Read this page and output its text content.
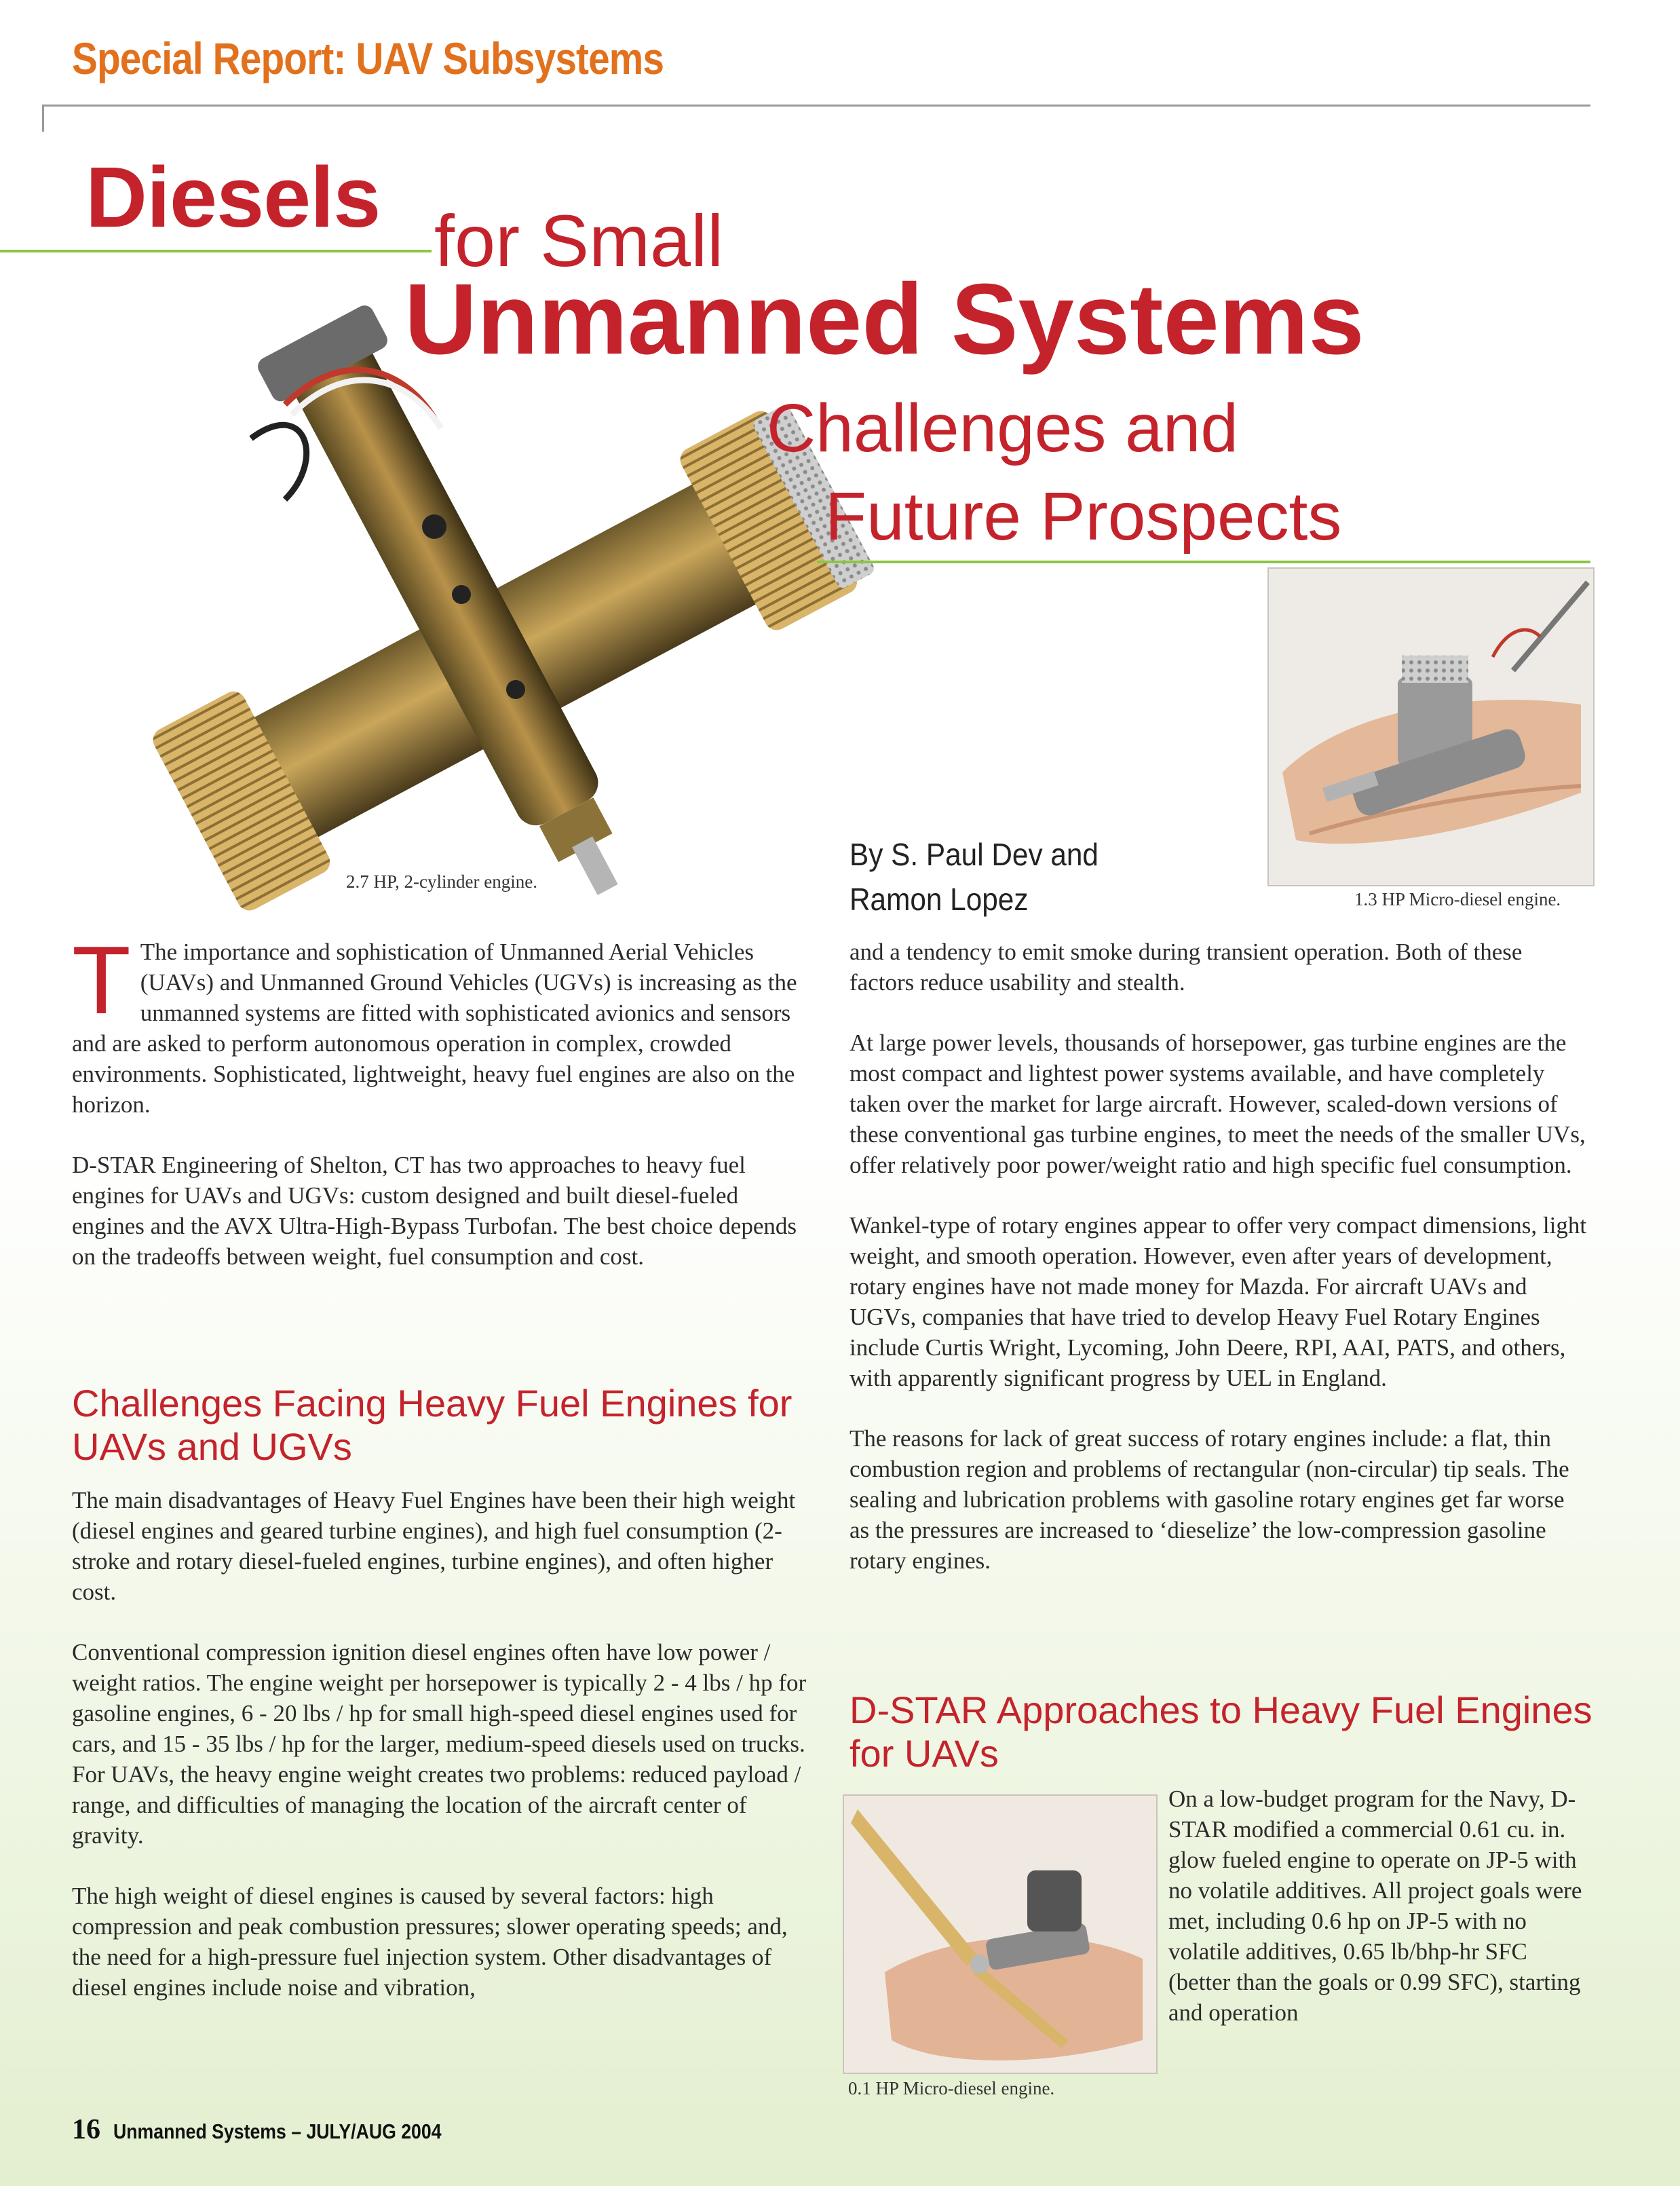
Special Report: UAV Subsystems
Diesels for Small
Unmanned Systems
Challenges and
Future Prospects
2.7 HP, 2-cylinder engine.
By S. Paul Dev and
Ramon Lopez	1.3 HP Micro-diesel engine.

T The importance and sophistication of Unmanned Aerial Vehicles (UAVs) and Unmanned Ground Vehicles (UGVs) is increasing as the unmanned systems are fitted with sophisticated avionics and sensors and are asked to perform autonomous operation in complex, crowded environments. Sophisticated, lightweight, heavy fuel engines are also on the horizon.

D-STAR Engineering of Shelton, CT has two approaches to heavy fuel engines for UAVs and UGVs: custom designed and built diesel-fueled engines and the AVX Ultra-High-Bypass Turbofan. The best choice depends on the tradeoffs between weight, fuel consumption and cost.

Challenges Facing Heavy Fuel Engines for UAVs and UGVs

The main disadvantages of Heavy Fuel Engines have been their high weight (diesel engines and geared turbine engines), and high fuel consumption (2-stroke and rotary diesel-fueled engines, turbine engines), and often higher cost.

Conventional compression ignition diesel engines often have low power / weight ratios. The engine weight per horsepower is typically 2 - 4 lbs / hp for gasoline engines, 6 - 20 lbs / hp for small high-speed diesel engines used for cars, and 15 - 35 lbs / hp for the larger, medium-speed diesels used on trucks. For UAVs, the heavy engine weight creates two problems: reduced payload / range, and difficulties of managing the location of the aircraft center of gravity.

The high weight of diesel engines is caused by several factors: high compression and peak combustion pressures; slower operating speeds; and, the need for a high-pressure fuel injection system. Other disadvantages of diesel engines include noise and vibration,

and a tendency to emit smoke during transient operation. Both of these factors reduce usability and stealth.

At large power levels, thousands of horsepower, gas turbine engines are the most compact and lightest power systems available, and have completely taken over the market for large aircraft. However, scaled-down versions of these conventional gas turbine engines, to meet the needs of the smaller UVs, offer relatively poor power/weight ratio and high specific fuel consumption.

Wankel-type of rotary engines appear to offer very compact dimensions, light weight, and smooth operation. However, even after years of development, rotary engines have not made money for Mazda. For aircraft UAVs and UGVs, companies that have tried to develop Heavy Fuel Rotary Engines include Curtis Wright, Lycoming, John Deere, RPI, AAI, PATS, and others, with apparently significant progress by UEL in England.

The reasons for lack of great success of rotary engines include: a flat, thin combustion region and problems of rectangular (non-circular) tip seals. The sealing and lubrication problems with gasoline rotary engines get far worse as the pressures are increased to ‘dieselize’ the low-compression gasoline rotary engines.

D-STAR Approaches to Heavy Fuel Engines for UAVs
0.1 HP Micro-diesel engine.

On a low-budget program for the Navy, D-STAR modified a commercial 0.61 cu. in. glow fueled engine to operate on JP-5 with no volatile additives. All project goals were met, including 0.6 hp on JP-5 with no volatile additives, 0.65 lb/bhp-hr SFC (better than the goals or 0.99 SFC), starting and operation

16 Unmanned Systems – JULY/AUG 2004
